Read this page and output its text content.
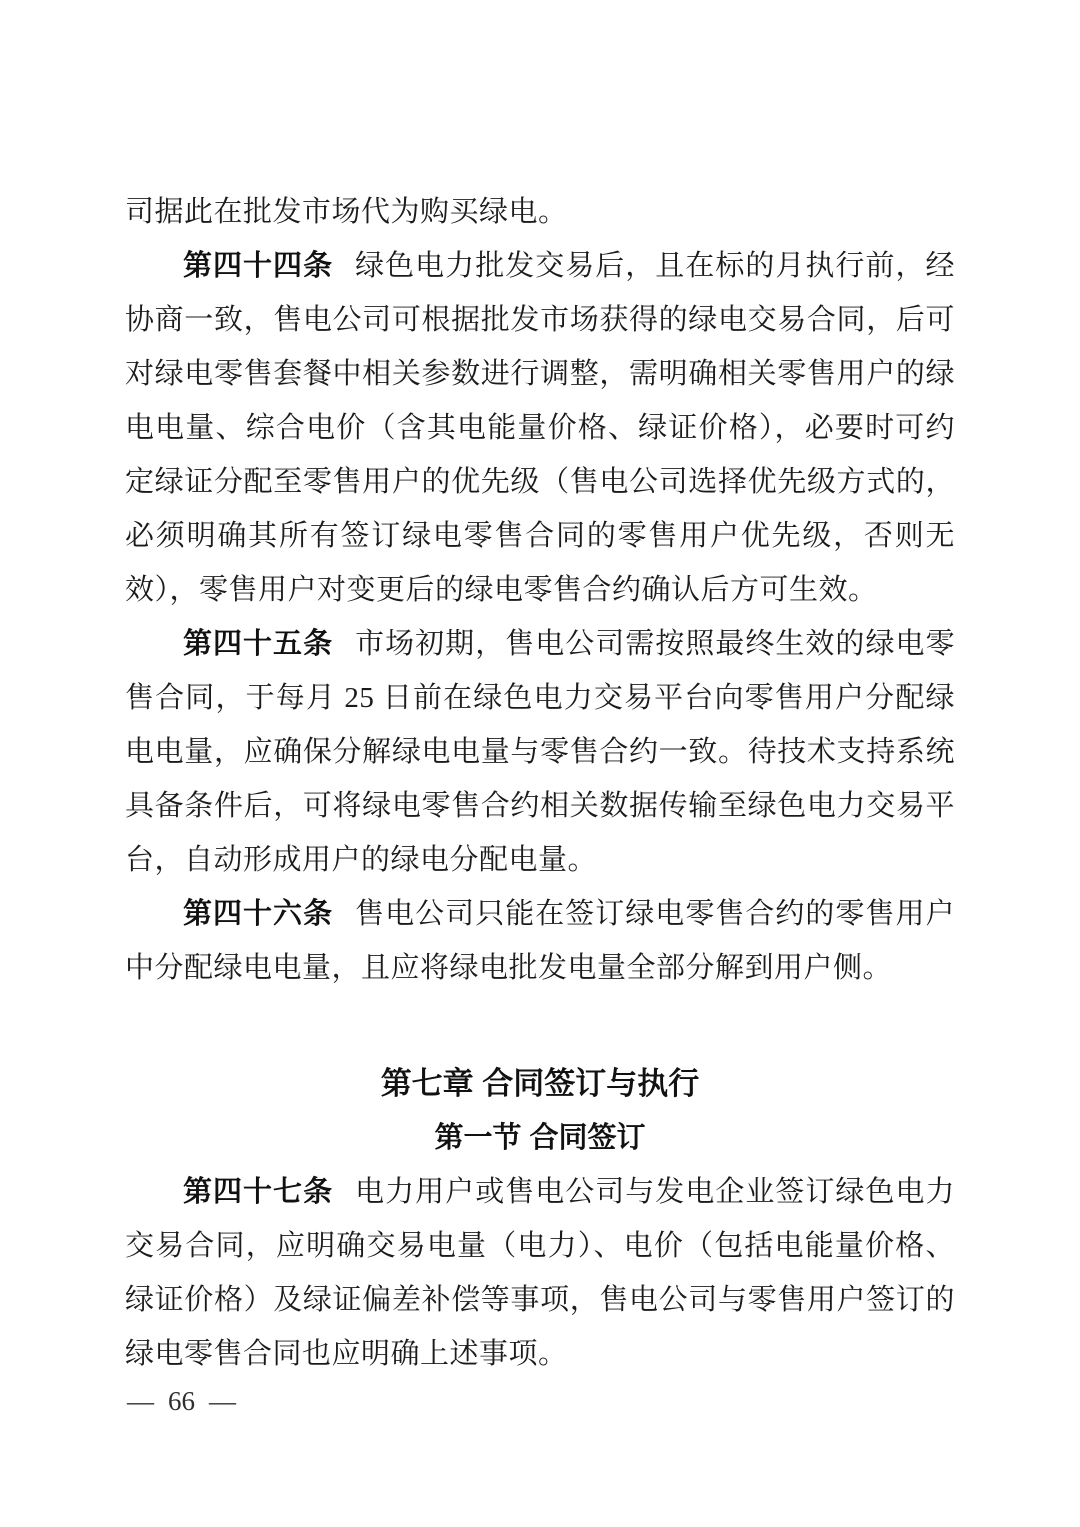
司据此在批发市场代为购买绿电。

第四十四条 绿色电力批发交易后，且在标的月执行前，经协商一致，售电公司可根据批发市场获得的绿电交易合同，后可对绿电零售套餐中相关参数进行调整，需明确相关零售用户的绿电电量、综合电价（含其电能量价格、绿证价格），必要时可约定绿证分配至零售用户的优先级（售电公司选择优先级方式的，必须明确其所有签订绿电零售合同的零售用户优先级，否则无效），零售用户对变更后的绿电零售合约确认后方可生效。

第四十五条 市场初期，售电公司需按照最终生效的绿电零售合同，于每月 25 日前在绿色电力交易平台向零售用户分配绿电电量，应确保分解绿电电量与零售合约一致。待技术支持系统具备条件后，可将绿电零售合约相关数据传输至绿色电力交易平台，自动形成用户的绿电分配电量。

第四十六条 售电公司只能在签订绿电零售合约的零售用户中分配绿电电量，且应将绿电批发电量全部分解到用户侧。

第七章 合同签订与执行
第一节 合同签订

第四十七条 电力用户或售电公司与发电企业签订绿色电力交易合同，应明确交易电量（电力）、电价（包括电能量价格、绿证价格）及绿证偏差补偿等事项，售电公司与零售用户签订的绿电零售合同也应明确上述事项。

— 66 —
